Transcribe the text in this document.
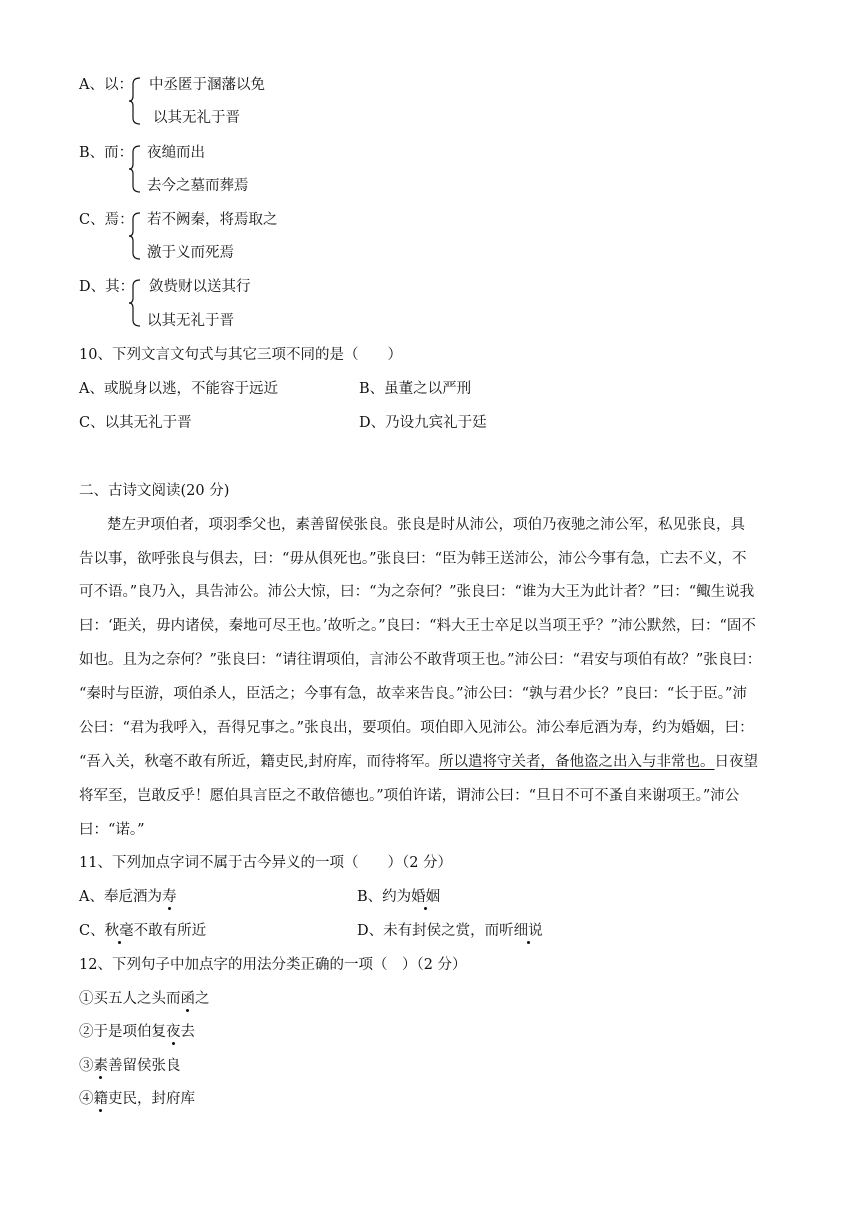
A、以： 中丞匿于溷藩以免
以其无礼于晋
B、而： 夜缒而出
去今之墓而葬焉
C、焉： 若不阙秦，将焉取之
激于义而死焉
D、其： 敛赀财以送其行
以其无礼于晋
10、下列文言文句式与其它三项不同的是（　　）
A、或脱身以逃，不能容于远近	B、虽董之以严刑
C、以其无礼于晋	D、乃设九宾礼于廷
二、古诗文阅读(20 分)
楚左尹项伯者，项羽季父也，素善留侯张良。张良是时从沛公，项伯乃夜驰之沛公军，私见张良，具
告以事，欲呼张良与俱去，曰：“毋从俱死也。”张良曰：“臣为韩王送沛公，沛公今事有急，亡去不义，不
可不语。”良乃入，具告沛公。沛公大惊，曰：“为之奈何？”张良曰：“谁为大王为此计者？”曰：“鲰生说我
曰：‘距关，毋内诸侯，秦地可尽王也。’故听之。”良曰：“料大王士卒足以当项王乎？”沛公默然，曰：“固不
如也。且为之奈何？”张良曰：“请往谓项伯，言沛公不敢背项王也。”沛公曰：“君安与项伯有故？”张良曰：
“秦时与臣游，项伯杀人，臣活之；今事有急，故幸来告良。”沛公曰：“孰与君少长？”良曰：“长于臣。”沛
公曰：“君为我呼入，吾得兄事之。”张良出，要项伯。项伯即入见沛公。沛公奉卮酒为寿，约为婚姻，曰：
“吾入关，秋毫不敢有所近，籍吏民,封府库，而待将军。所以遣将守关者，备他盗之出入与非常也。日夜望
将军至，岂敢反乎！愿伯具言臣之不敢倍德也。”项伯许诺，谓沛公曰：“旦日不可不蚤自来谢项王。”沛公
曰：“诺。”
11、下列加点字词不属于古今异义的一项（　　）（2 分）
A、奉卮酒为寿	B、约为婚姻
C、秋毫不敢有所近	D、未有封侯之赏，而听细说
12、下列句子中加点字的用法分类正确的一项（　）（2 分）
①买五人之头而函之
②于是项伯复夜去
③素善留侯张良
④籍吏民，封府库
